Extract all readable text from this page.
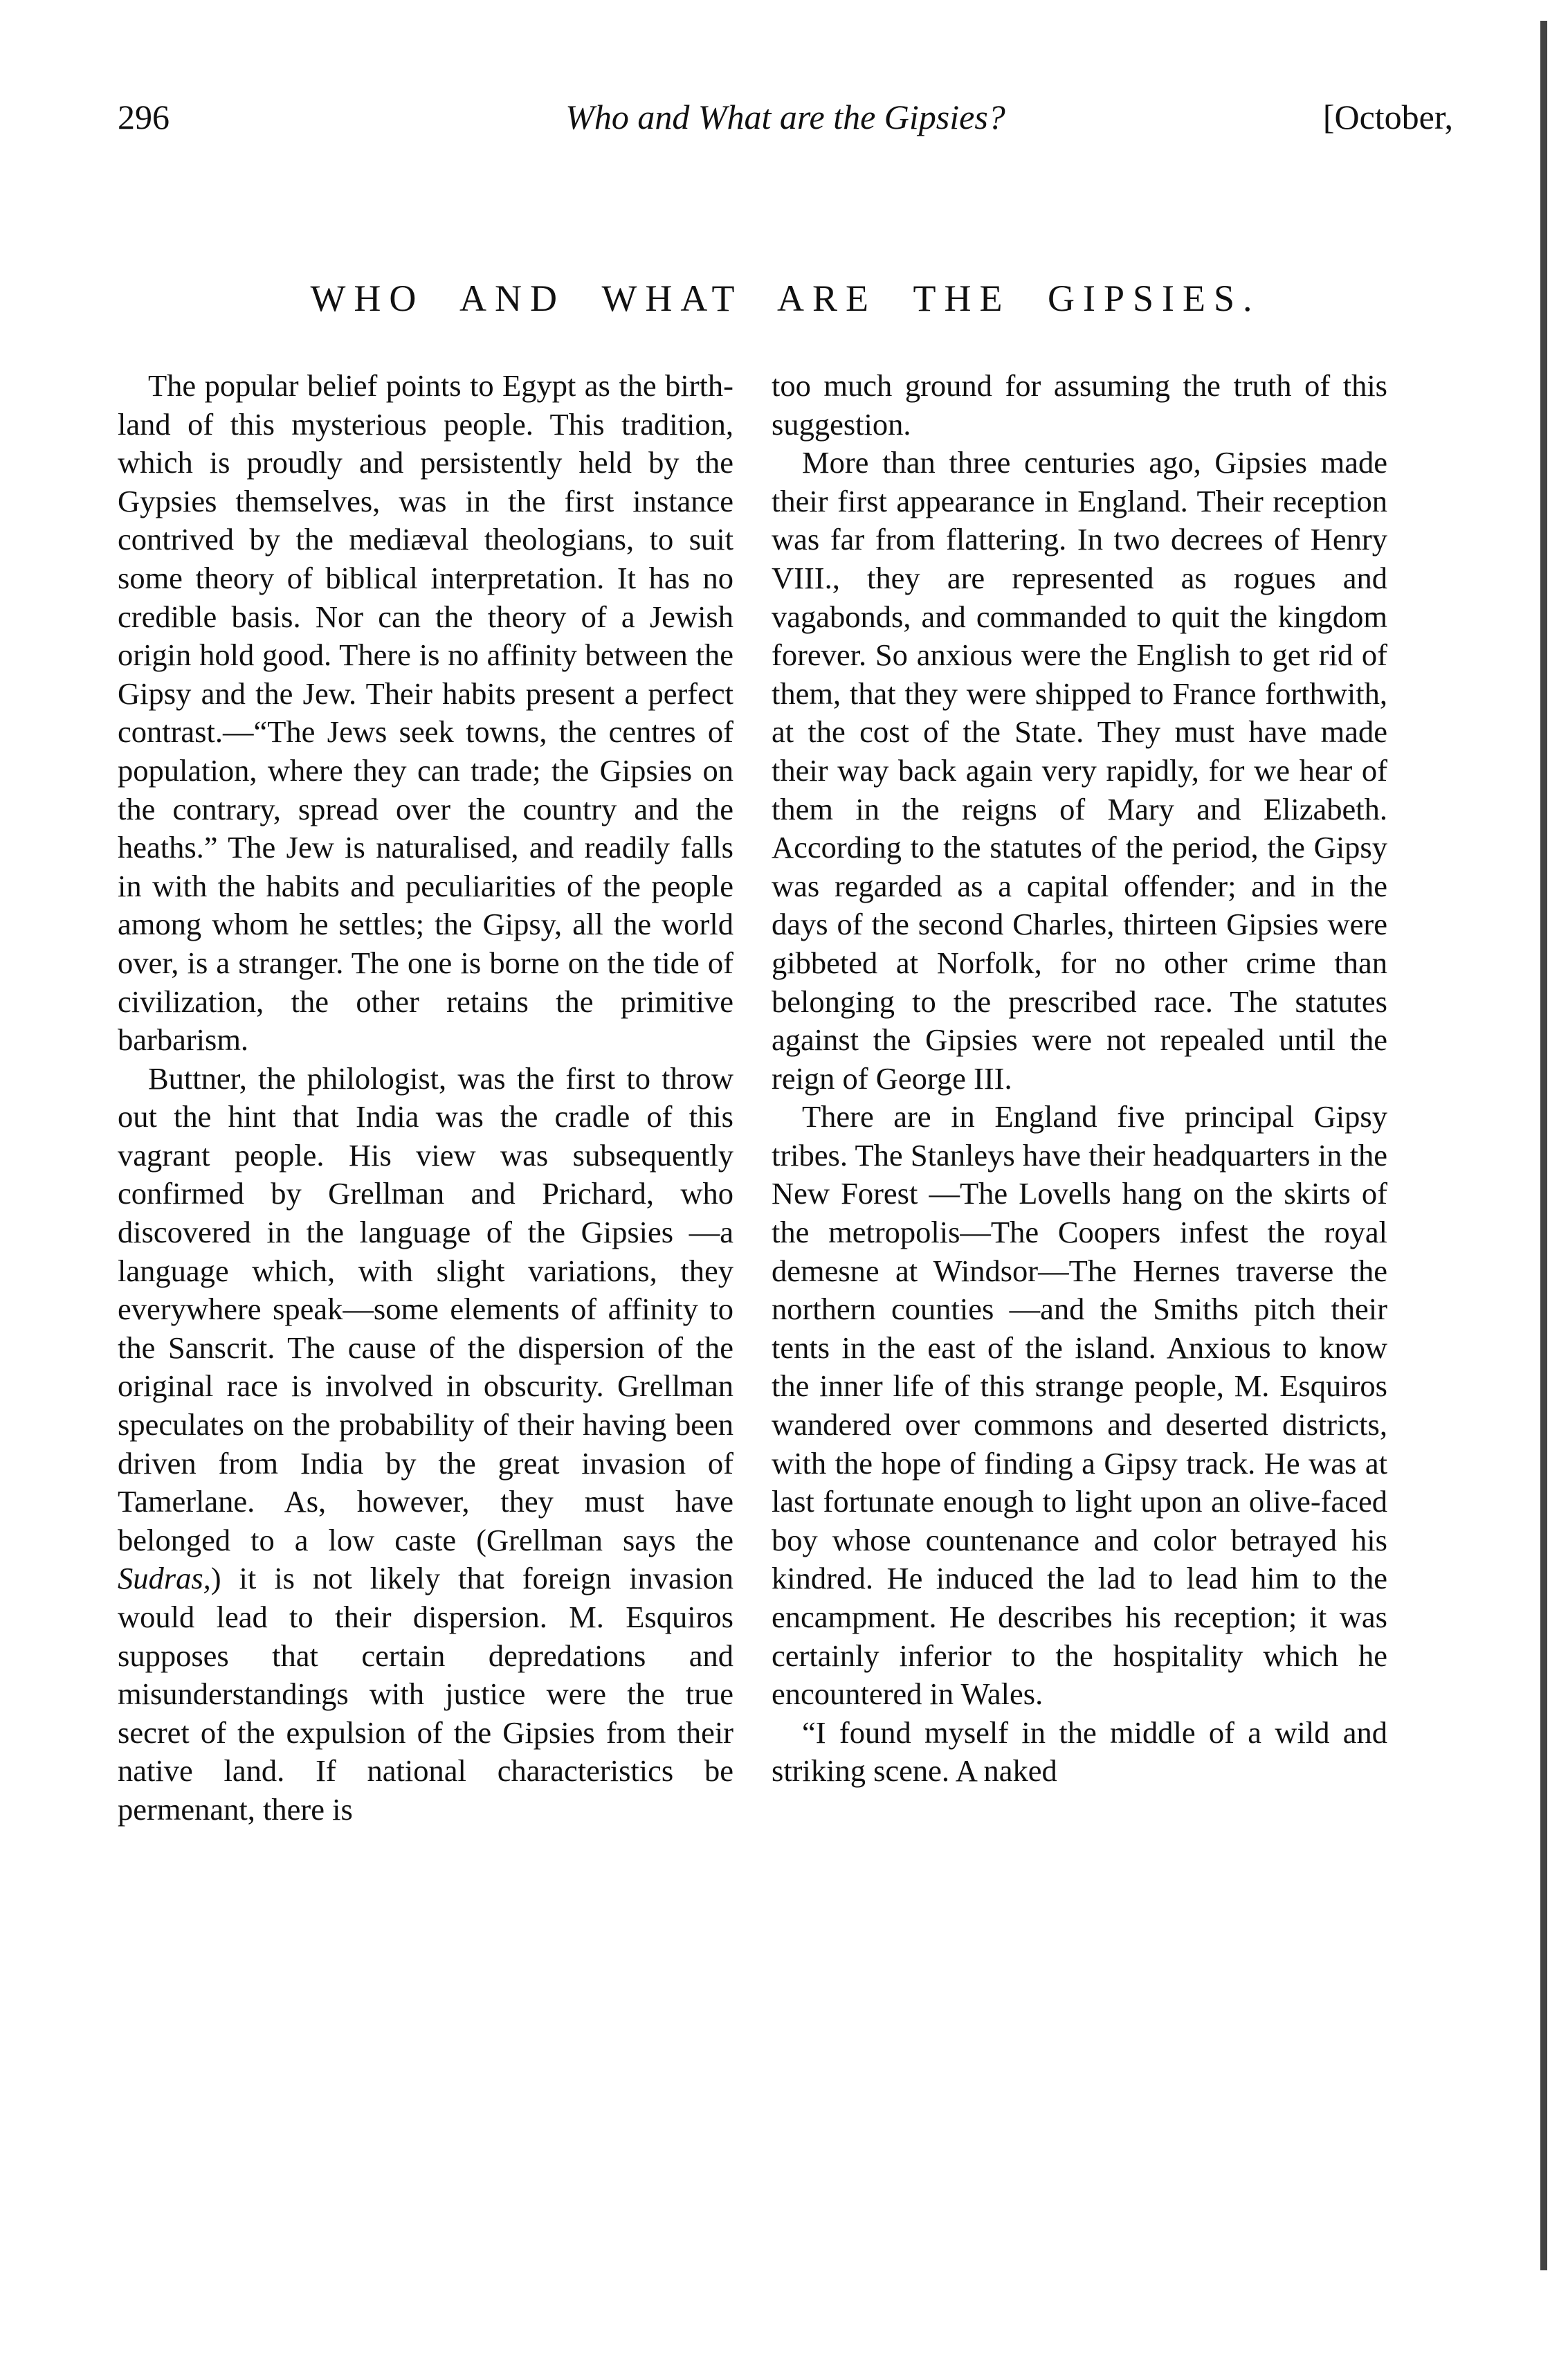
296	Who and What are the Gipsies?	[October,
WHO AND WHAT ARE THE GIPSIES.

The popular belief points to Egypt as the birth-land of this mysterious people. This tradition, which is proudly and persistently held by the Gypsies themselves, was in the first instance contrived by the mediæval theologians, to suit some theory of biblical interpretation. It has no credible basis. Nor can the theory of a Jewish origin hold good. There is no affinity between the Gipsy and the Jew. Their habits present a perfect contrast.—“The Jews seek towns, the centres of population, where they can trade; the Gipsies on the contrary, spread over the country and the heaths.” The Jew is naturalised, and readily falls in with the habits and peculiarities of the people among whom he settles; the Gipsy, all the world over, is a stranger. The one is borne on the tide of civilization, the other retains the primitive barbarism.

Buttner, the philologist, was the first to throw out the hint that India was the cradle of this vagrant people. His view was subsequently confirmed by Grellman and Prichard, who discovered in the language of the Gipsies —a language which, with slight variations, they everywhere speak—some elements of affinity to the Sanscrit. The cause of the dispersion of the original race is involved in obscurity. Grellman speculates on the probability of their having been driven from India by the great invasion of Tamerlane. As, however, they must have belonged to a low caste (Grellman says the Sudras,) it is not likely that foreign invasion would lead to their dispersion. M. Esquiros supposes that certain depredations and misunderstandings with justice were the true secret of the expulsion of the Gipsies from their native land. If national characteristics be permenant, there is

too much ground for assuming the truth of this suggestion.

More than three centuries ago, Gipsies made their first appearance in England. Their reception was far from flattering. In two decrees of Henry VIII., they are represented as rogues and vagabonds, and commanded to quit the kingdom forever. So anxious were the English to get rid of them, that they were shipped to France forthwith, at the cost of the State. They must have made their way back again very rapidly, for we hear of them in the reigns of Mary and Elizabeth. According to the statutes of the period, the Gipsy was regarded as a capital offender; and in the days of the second Charles, thirteen Gipsies were gibbeted at Norfolk, for no other crime than belonging to the prescribed race. The statutes against the Gipsies were not repealed until the reign of George III.

There are in England five principal Gipsy tribes. The Stanleys have their headquarters in the New Forest —The Lovells hang on the skirts of the metropolis—The Coopers infest the royal demesne at Windsor—The Hernes traverse the northern counties —and the Smiths pitch their tents in the east of the island. Anxious to know the inner life of this strange people, M. Esquiros wandered over commons and deserted districts, with the hope of finding a Gipsy track. He was at last fortunate enough to light upon an olive-faced boy whose countenance and color betrayed his kindred. He induced the lad to lead him to the encampment. He describes his reception; it was certainly inferior to the hospitality which he encountered in Wales.

“I found myself in the middle of a wild and striking scene. A naked
